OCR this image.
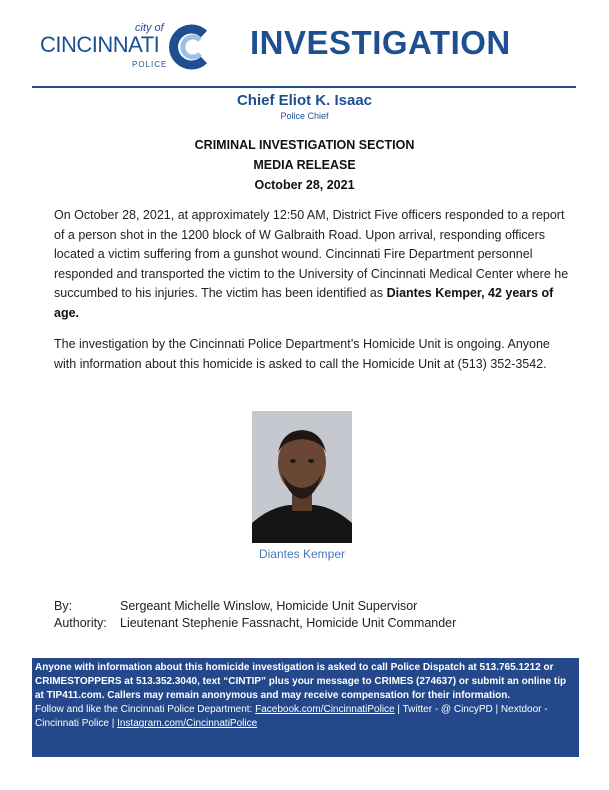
city of
CINCINNATI
POLICE
INVESTIGATION
Chief Eliot K. Isaac
Police Chief
CRIMINAL INVESTIGATION SECTION
MEDIA RELEASE
October 28, 2021
On October 28, 2021, at approximately 12:50 AM, District Five officers responded to a report of a person shot in the 1200 block of W Galbraith Road. Upon arrival, responding officers located a victim suffering from a gunshot wound. Cincinnati Fire Department personnel responded and transported the victim to the University of Cincinnati Medical Center where he succumbed to his injuries. The victim has been identified as Diantes Kemper, 42 years of age.
The investigation by the Cincinnati Police Department’s Homicide Unit is ongoing. Anyone with information about this homicide is asked to call the Homicide Unit at (513) 352-3542.
Diantes Kemper
By:	Sergeant Michelle Winslow, Homicide Unit Supervisor
Authority: Lieutenant Stephenie Fassnacht, Homicide Unit Commander
Anyone with information about this homicide investigation is asked to call Police Dispatch at 513.765.1212 or CRIMESTOPPERS at 513.352.3040, text “CINTIP” plus your message to CRIMES (274637) or submit an online tip at TIP411.com. Callers may remain anonymous and may receive compensation for their information.
Follow and like the Cincinnati Police Department: Facebook.com/CincinnatiPolice | Twitter - @ CincyPD | Nextdoor - Cincinnati Police | Instagram.com/CincinnatiPolice
